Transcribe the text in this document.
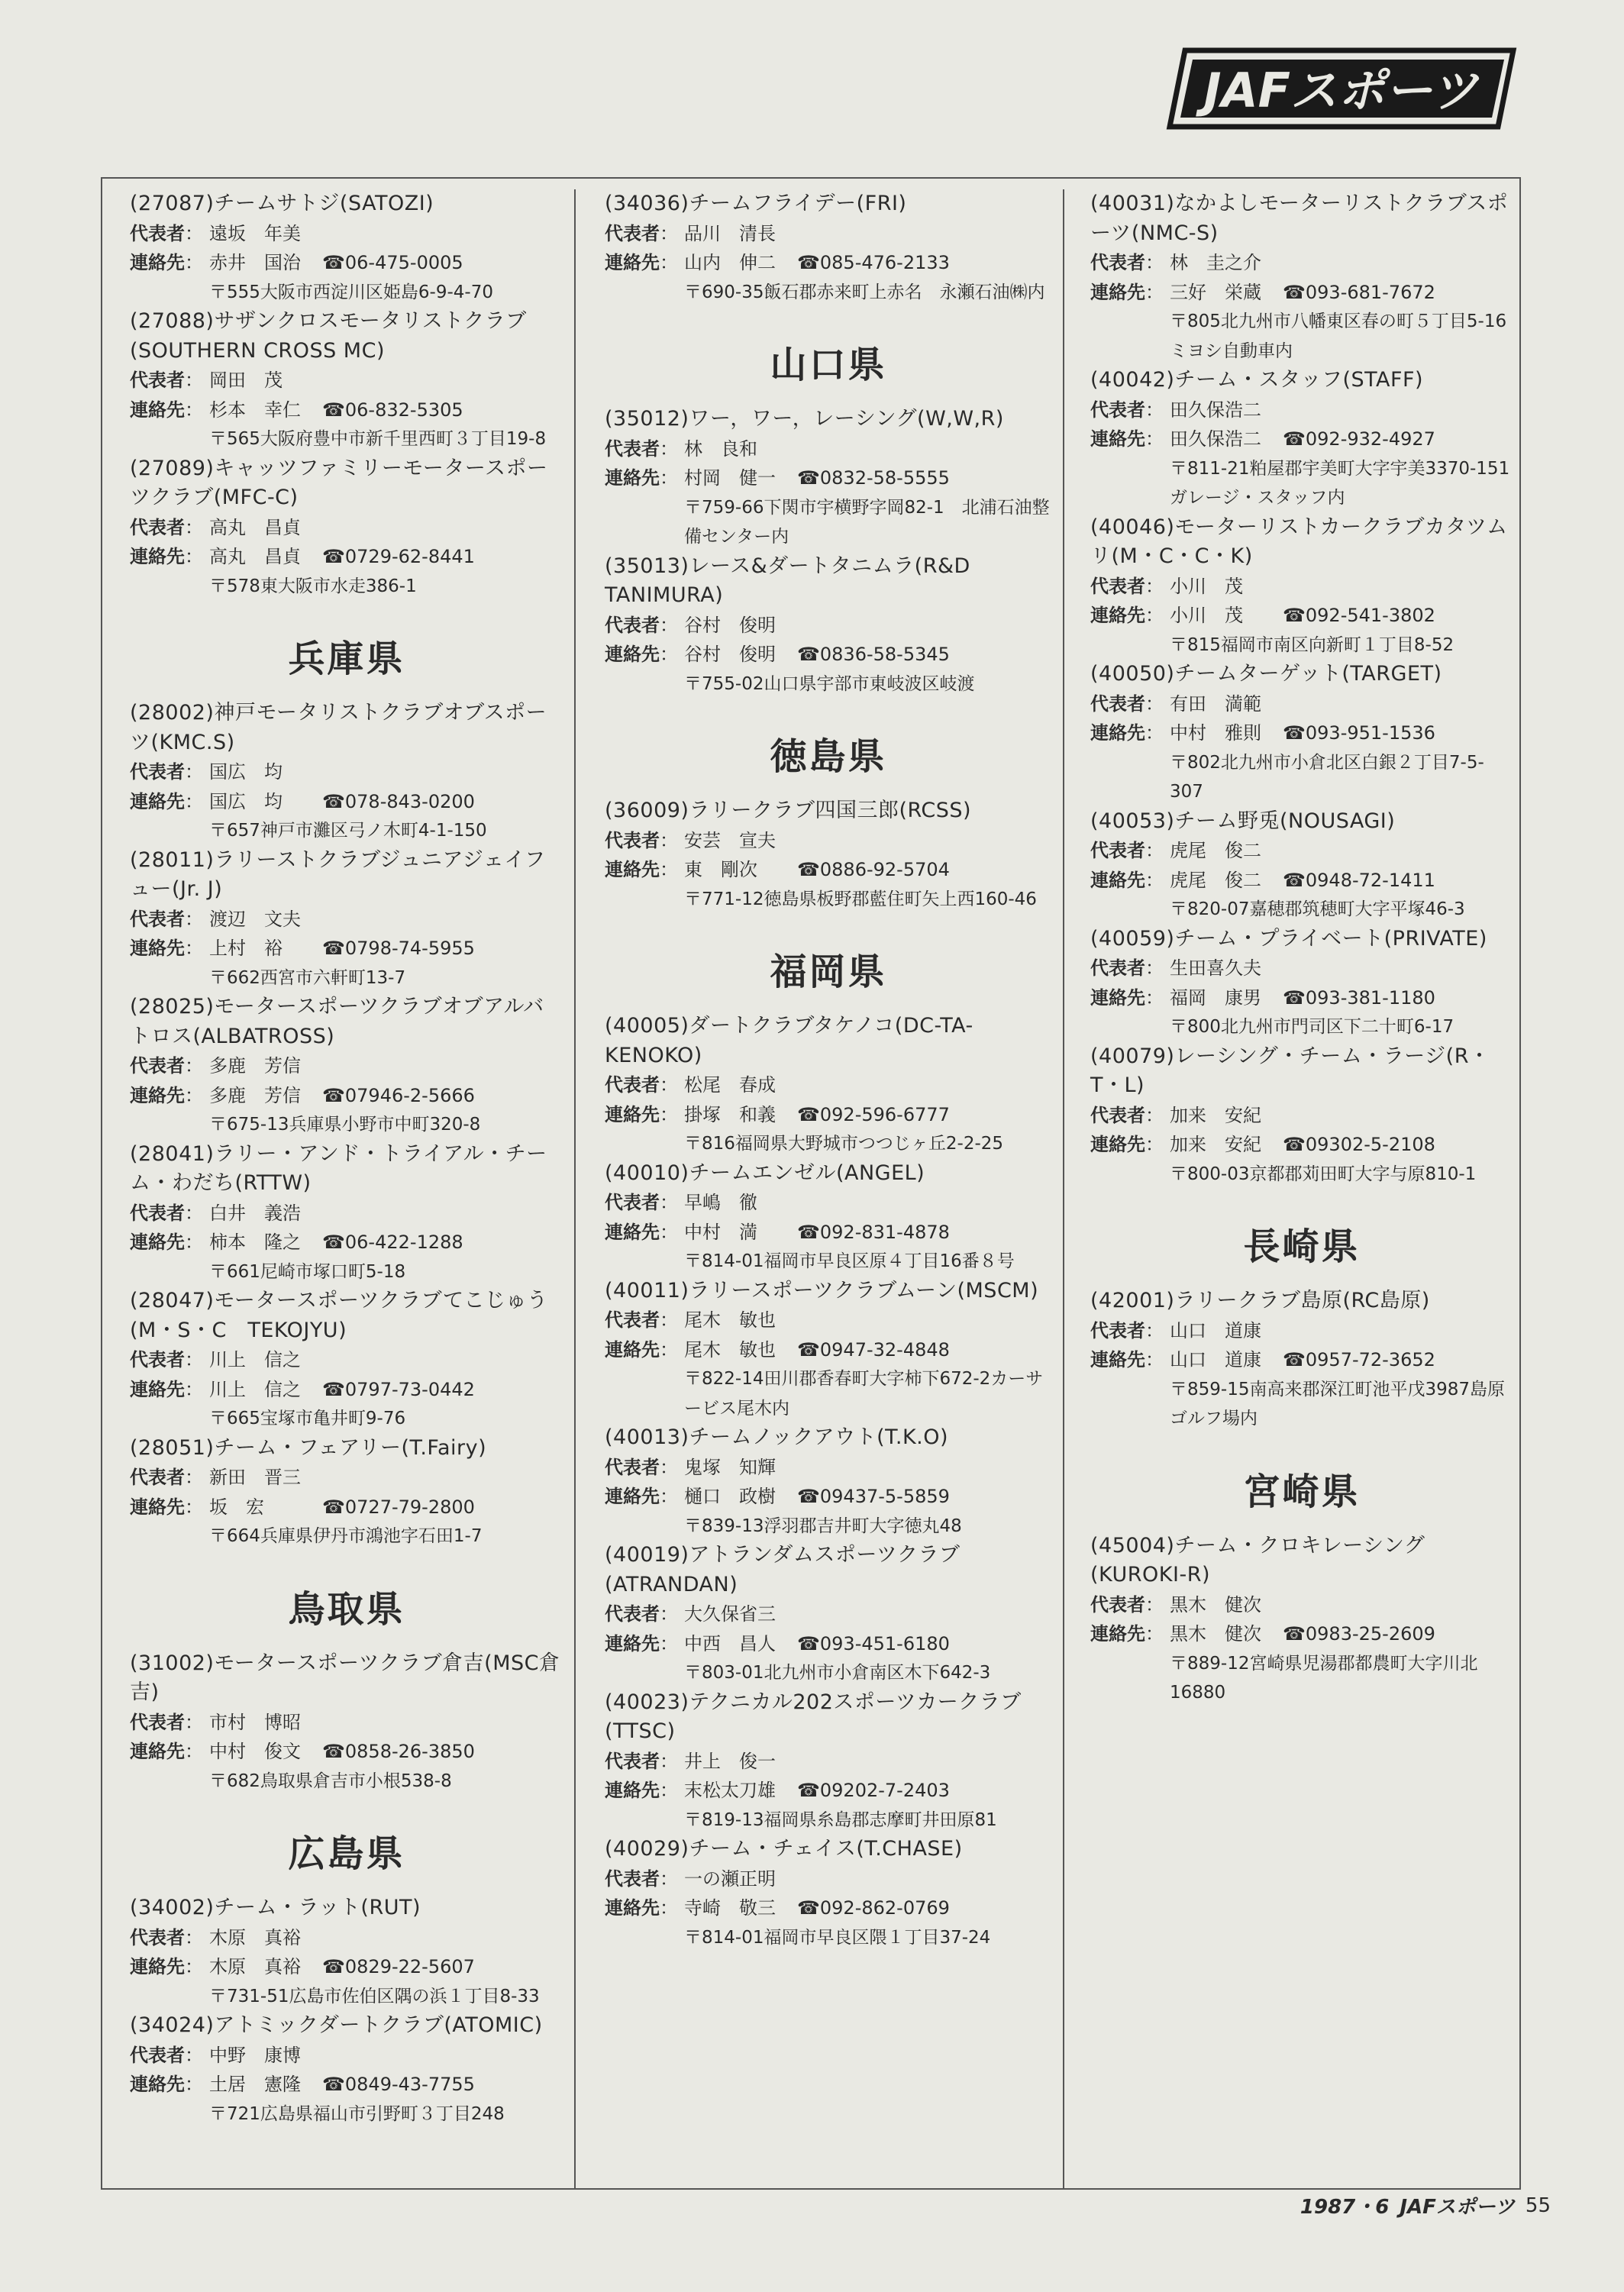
JAFスポーツ
(27087)チームサトジ(SATOZI)
代表者 ：	遠坂　年美
連絡先 ：	赤井　国治	☎06-475-0005
〒555大阪市西淀川区姫島6-9-4-70
(27088)サザンクロスモータリストクラブ(SOUTHERN CROSS MC)
代表者 ：	岡田　茂
連絡先 ：	杉本　幸仁	☎06-832-5305
〒565大阪府豊中市新千里西町３丁目19-8
(27089)キャッツファミリーモータースポーツクラブ(MFC-C)
代表者 ：	高丸　昌貞
連絡先 ：	高丸　昌貞	☎0729-62-8441
〒578東大阪市水走386-1
兵庫県
(28002)神戸モータリストクラブオブスポーツ(KMC.S)
代表者 ：	国広　均
連絡先 ：	国広　均	☎078-843-0200
〒657神戸市灘区弓ノ木町4-1-150
(28011)ラリーストクラブジュニアジェイフュー(Jr. J)
代表者 ：	渡辺　文夫
連絡先 ：	上村　裕	☎0798-74-5955
〒662西宮市六軒町13-7
(28025)モータースポーツクラブオブアルバトロス(ALBATROSS)
代表者 ：	多鹿　芳信
連絡先 ：	多鹿　芳信	☎07946-2-5666
〒675-13兵庫県小野市中町320-8
(28041)ラリー・アンド・トライアル・チーム・わだち(RTTW)
代表者 ：	白井　義浩
連絡先 ：	柿本　隆之	☎06-422-1288
〒661尼崎市塚口町5-18
(28047)モータースポーツクラブてこじゅう(M・S・C　TEKOJYU)
代表者 ：	川上　信之
連絡先 ：	川上　信之	☎0797-73-0442
〒665宝塚市亀井町9-76
(28051)チーム・フェアリー(T.Fairy)
代表者 ：	新田　晋三
連絡先 ：	坂　宏	☎0727-79-2800
〒664兵庫県伊丹市鴻池字石田1-7
鳥取県
(31002)モータースポーツクラブ倉吉(MSC倉吉)
代表者 ：	市村　博昭
連絡先 ：	中村　俊文	☎0858-26-3850
〒682鳥取県倉吉市小根538-8
広島県
(34002)チーム・ラット(RUT)
代表者 ：	木原　真裕
連絡先 ：	木原　真裕	☎0829-22-5607
〒731-51広島市佐伯区隅の浜１丁目8-33
(34024)アトミックダートクラブ(ATOMIC)
代表者 ：	中野　康博
連絡先 ：	土居　憲隆	☎0849-43-7755
〒721広島県福山市引野町３丁目248
(34036)チームフライデー(FRI)
代表者 ：	品川　清長
連絡先 ：	山内　伸二	☎085-476-2133
〒690-35飯石郡赤来町上赤名　永瀬石油㈱内
山口県
(35012)ワー，ワー，レーシング(W,W,R)
代表者 ：	林　良和
連絡先 ：	村岡　健一	☎0832-58-5555
〒759-66下関市宇横野字岡82-1　北浦石油整備センター内
(35013)レース&ダートタニムラ(R&D TANIMURA)
代表者 ：	谷村　俊明
連絡先 ：	谷村　俊明	☎0836-58-5345
〒755-02山口県宇部市東岐波区岐渡
徳島県
(36009)ラリークラブ四国三郎(RCSS)
代表者 ：	安芸　宣夫
連絡先 ：	東　剛次	☎0886-92-5704
〒771-12徳島県板野郡藍住町矢上西160-46
福岡県
(40005)ダートクラブタケノコ(DC-TA-KENOKO)
代表者 ：	松尾　春成
連絡先 ：	掛塚　和義	☎092-596-6777
〒816福岡県大野城市つつじヶ丘2-2-25
(40010)チームエンゼル(ANGEL)
代表者 ：	早嶋　徹
連絡先 ：	中村　満	☎092-831-4878
〒814-01福岡市早良区原４丁目16番８号
(40011)ラリースポーツクラブムーン(MSCM)
代表者 ：	尾木　敏也
連絡先 ：	尾木　敏也	☎0947-32-4848
〒822-14田川郡香春町大字柿下672-2カーサービス尾木内
(40013)チームノックアウト(T.K.O)
代表者 ：	鬼塚　知輝
連絡先 ：	樋口　政樹	☎09437-5-5859
〒839-13浮羽郡吉井町大字徳丸48
(40019)アトランダムスポーツクラブ(ATRANDAN)
代表者 ：	大久保省三
連絡先 ：	中西　昌人	☎093-451-6180
〒803-01北九州市小倉南区木下642-3
(40023)テクニカル202スポーツカークラブ(TTSC)
代表者 ：	井上　俊一
連絡先 ：	末松太刀雄	☎09202-7-2403
〒819-13福岡県糸島郡志摩町井田原81
(40029)チーム・チェイス(T.CHASE)
代表者 ：	一の瀬正明
連絡先 ：	寺崎　敬三	☎092-862-0769
〒814-01福岡市早良区隈１丁目37-24
(40031)なかよしモーターリストクラブスポーツ(NMC-S)
代表者 ：	林　圭之介
連絡先 ：	三好　栄蔵	☎093-681-7672
〒805北九州市八幡東区春の町５丁目5-16　ミヨシ自動車内
(40042)チーム・スタッフ(STAFF)
代表者 ：	田久保浩二
連絡先 ：	田久保浩二	☎092-932-4927
〒811-21粕屋郡宇美町大字宇美3370-151　ガレージ・スタッフ内
(40046)モーターリストカークラブカタツムリ(M・C・C・K)
代表者 ：	小川　茂
連絡先 ：	小川　茂	☎092-541-3802
〒815福岡市南区向新町１丁目8-52
(40050)チームターゲット(TARGET)
代表者 ：	有田　満範
連絡先 ：	中村　雅則	☎093-951-1536
〒802北九州市小倉北区白銀２丁目7-5-307
(40053)チーム野兎(NOUSAGI)
代表者 ：	虎尾　俊二
連絡先 ：	虎尾　俊二	☎0948-72-1411
〒820-07嘉穂郡筑穂町大字平塚46-3
(40059)チーム・プライベート(PRIVATE)
代表者 ：	生田喜久夫
連絡先 ：	福岡　康男	☎093-381-1180
〒800北九州市門司区下二十町6-17
(40079)レーシング・チーム・ラージ(R・T・L)
代表者 ：	加来　安紀
連絡先 ：	加来　安紀	☎09302-5-2108
〒800-03京都郡苅田町大字与原810-1
長崎県
(42001)ラリークラブ島原(RC島原)
代表者 ：	山口　道康
連絡先 ：	山口　道康	☎0957-72-3652
〒859-15南高来郡深江町池平戊3987島原ゴルフ場内
宮崎県
(45004)チーム・クロキレーシング(KUROKI-R)
代表者 ：	黒木　健次
連絡先 ：	黒木　健次	☎0983-25-2609
〒889-12宮崎県児湯郡都農町大字川北16880
1987・6 JAFスポーツ 55
